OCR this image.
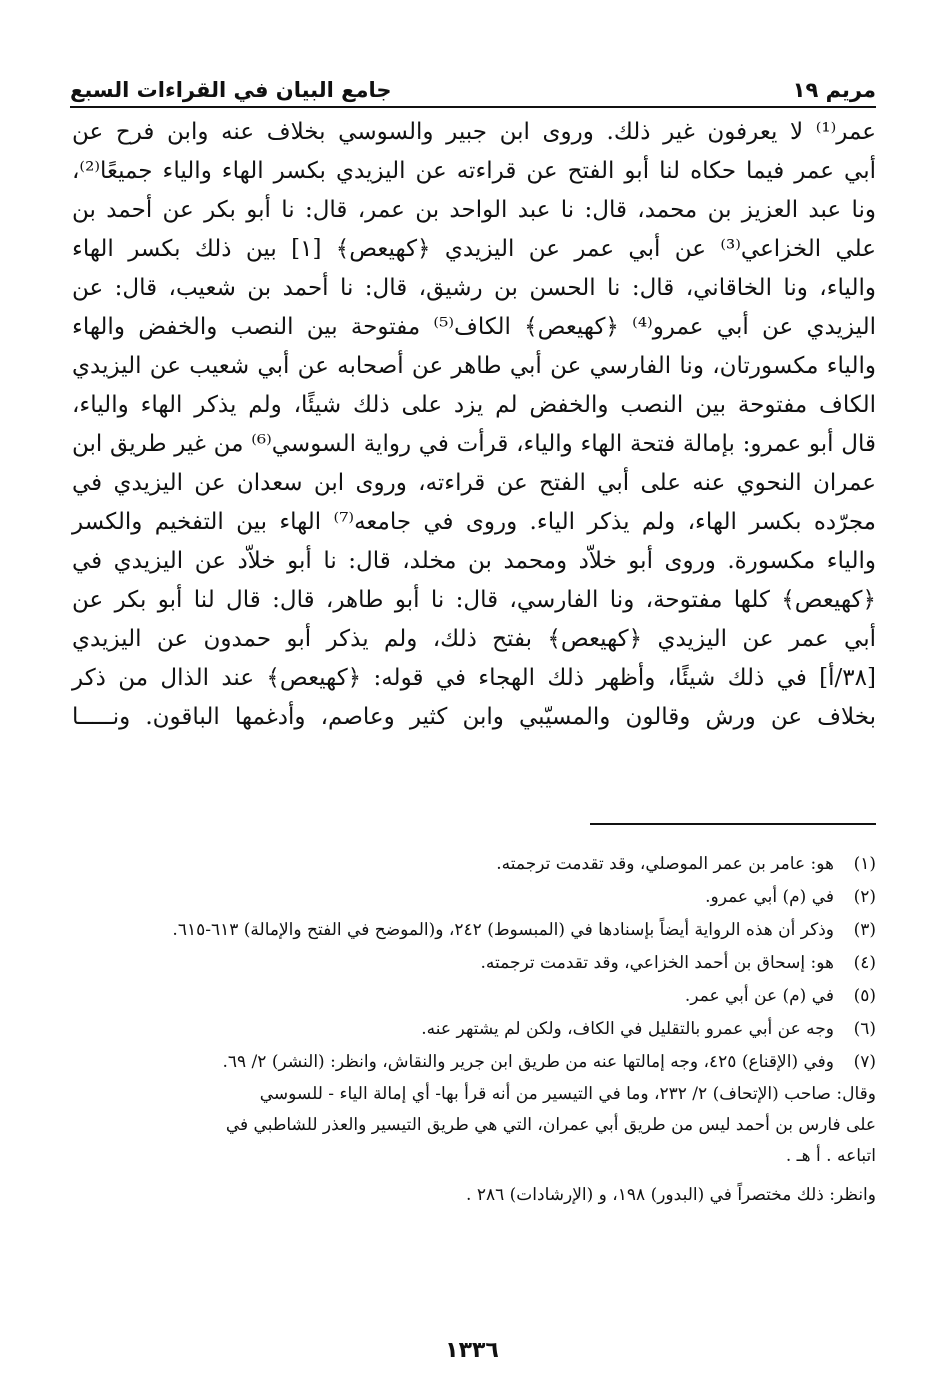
مريم ١٩
جامع البيان في القراءات السبع

عمر⁽¹⁾ لا يعرفون غير ذلك. وروى ابن جبير والسوسي بخلاف عنه وابن فرح عن

أبي عمر فيما حكاه لنا أبو الفتح عن قراءته عن اليزيدي بكسر الهاء والياء جميعًا⁽²⁾،

ونا عبد العزيز بن محمد، قال: نا عبد الواحد بن عمر، قال: نا أبو بكر عن أحمد بن

علي الخزاعي⁽³⁾ عن أبي عمر عن اليزيدي ﴿كهيعص﴾ [١] بين ذلك بكسر الهاء

والياء، ونا الخاقاني، قال: نا الحسن بن رشيق، قال: نا أحمد بن شعيب، قال: عن

اليزيدي عن أبي عمرو⁽⁴⁾ ﴿كهيعص﴾ الكاف⁽⁵⁾ مفتوحة بين النصب والخفض والهاء

والياء مكسورتان، ونا الفارسي عن أبي طاهر عن أصحابه عن أبي شعيب عن اليزيدي

الكاف مفتوحة بين النصب والخفض لم يزد على ذلك شيئًا، ولم يذكر الهاء والياء،

قال أبو عمرو: بإمالة فتحة الهاء والياء، قرأت في رواية السوسي⁽⁶⁾ من غير طريق ابن

عمران النحوي عنه على أبي الفتح عن قراءته، وروى ابن سعدان عن اليزيدي في

مجرّده بكسر الهاء، ولم يذكر الياء. وروى في جامعه⁽⁷⁾ الهاء بين التفخيم والكسر

والياء مكسورة. وروى أبو خلاّد ومحمد بن مخلد، قال: نا أبو خلاّد عن اليزيدي في

﴿كهيعص﴾ كلها مفتوحة، ونا الفارسي، قال: نا أبو طاهر، قال: قال لنا أبو بكر عن

أبي عمر عن اليزيدي ﴿كهيعص﴾ بفتح ذلك، ولم يذكر أبو حمدون عن اليزيدي

[٣٨/أ] في ذلك شيئًا، وأظهر ذلك الهجاء في قوله: ﴿كهيعص﴾ عند الذال من ذكر

بخلاف عن ورش وقالون والمسيّبي وابن كثير وعاصم، وأدغمها الباقون. ونـــــا

(١)
هو: عامر بن عمر الموصلي، وقد تقدمت ترجمته.
(٢)
في (م) أبي عمرو.
(٣)
وذكر أن هذه الرواية أيضاً بإسنادها في (المبسوط) ٢٤٢، و(الموضح في الفتح والإمالة) ٦١٣-٦١٥.
(٤)
هو: إسحاق بن أحمد الخزاعي، وقد تقدمت ترجمته.
(٥)
في (م) عن أبي عمر.
(٦)
وجه عن أبي عمرو بالتقليل في الكاف، ولكن لم يشتهر عنه.
(٧)
وفي (الإقناع) ٤٢٥، وجه إمالتها عنه من طريق ابن جرير والنقاش، وانظر: (النشر) ٢/ ٦٩.

وقال: صاحب (الإتحاف) ٢/ ٢٣٢، وما في التيسير من أنه قرأ بها- أي إمالة الياء - للسوسي

على فارس بن أحمد ليس من طريق أبي عمران، التي هي طريق التيسير والعذر للشاطبي في

اتباعه . أ هـ .

وانظر: ذلك مختصراً في (البدور) ١٩٨، و (الإرشادات) ٢٨٦ .

١٣٣٦
